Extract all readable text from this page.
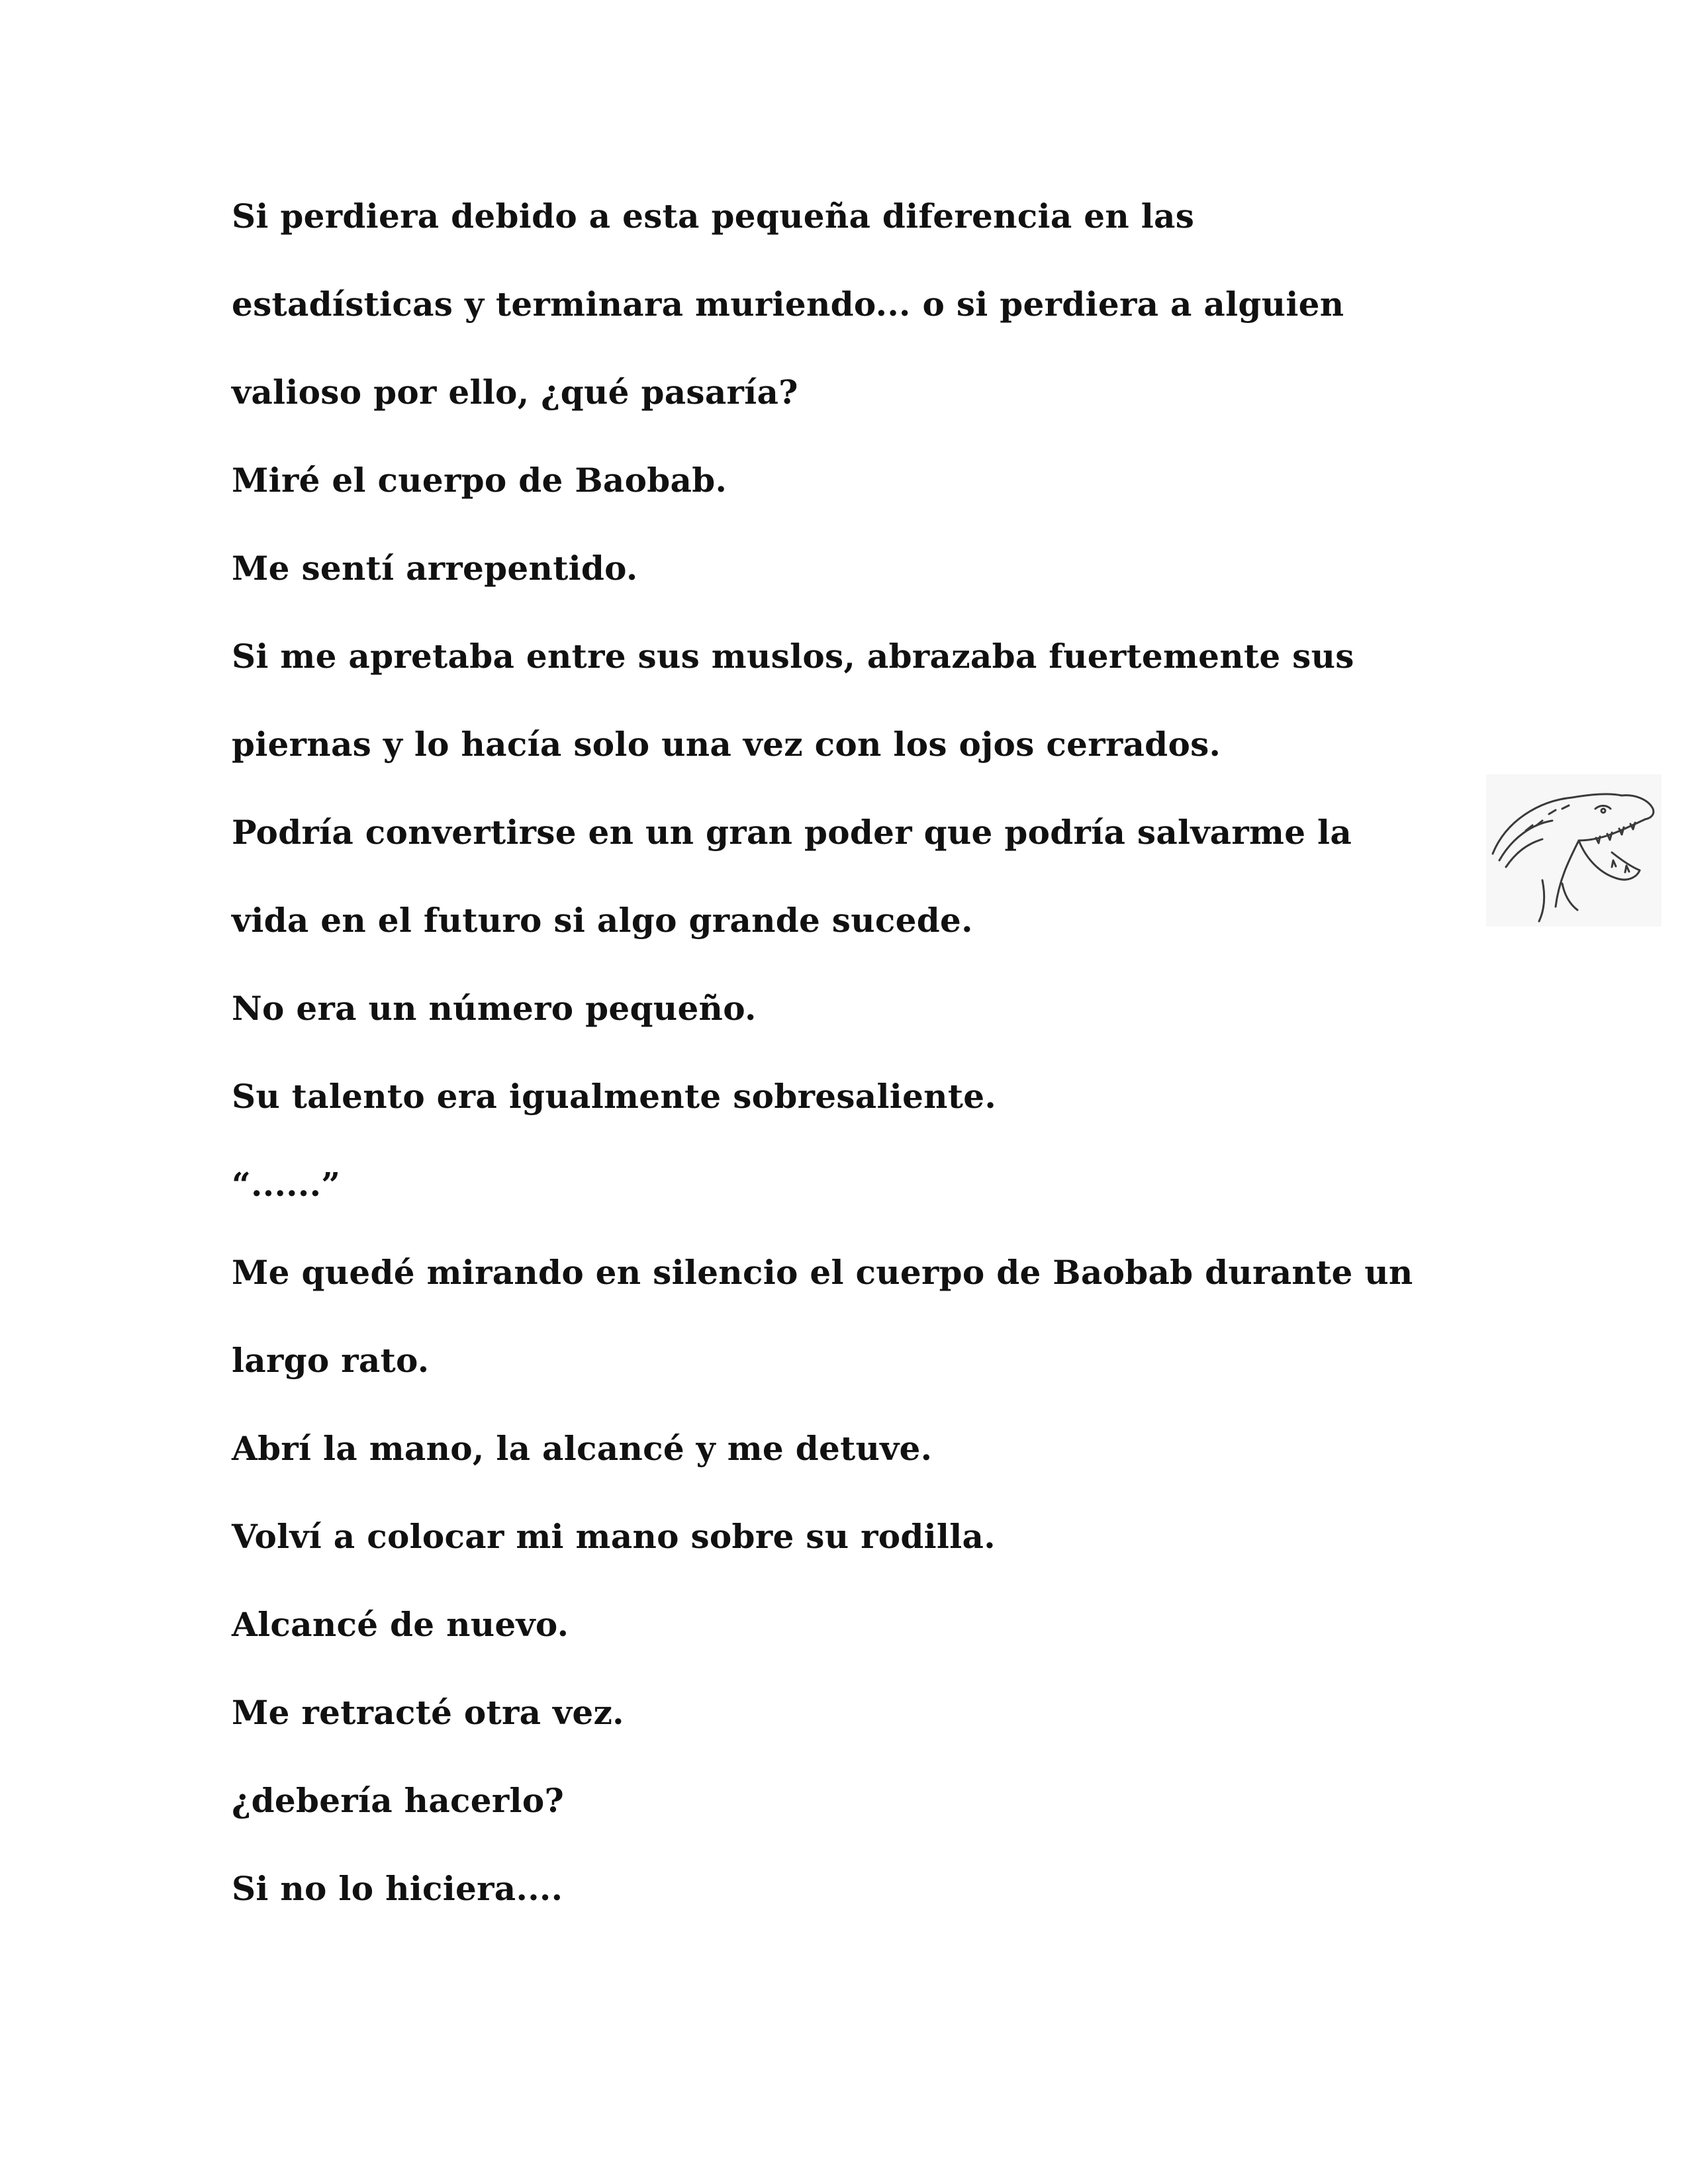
Si perdiera debido a esta pequeña diferencia en las
estadísticas y terminara muriendo... o si perdiera a alguien
valioso por ello, ¿qué pasaría?
Miré el cuerpo de Baobab.
Me sentí arrepentido.
Si me apretaba entre sus muslos, abrazaba fuertemente sus
piernas y lo hacía solo una vez con los ojos cerrados.
Podría convertirse en un gran poder que podría salvarme la
vida en el futuro si algo grande sucede.
No era un número pequeño.
Su talento era igualmente sobresaliente.
“......”
Me quedé mirando en silencio el cuerpo de Baobab durante un
largo rato.
Abrí la mano, la alcancé y me detuve.
Volví a colocar mi mano sobre su rodilla.
Alcancé de nuevo.
Me retracté otra vez.
¿debería hacerlo?
Si no lo hiciera....
